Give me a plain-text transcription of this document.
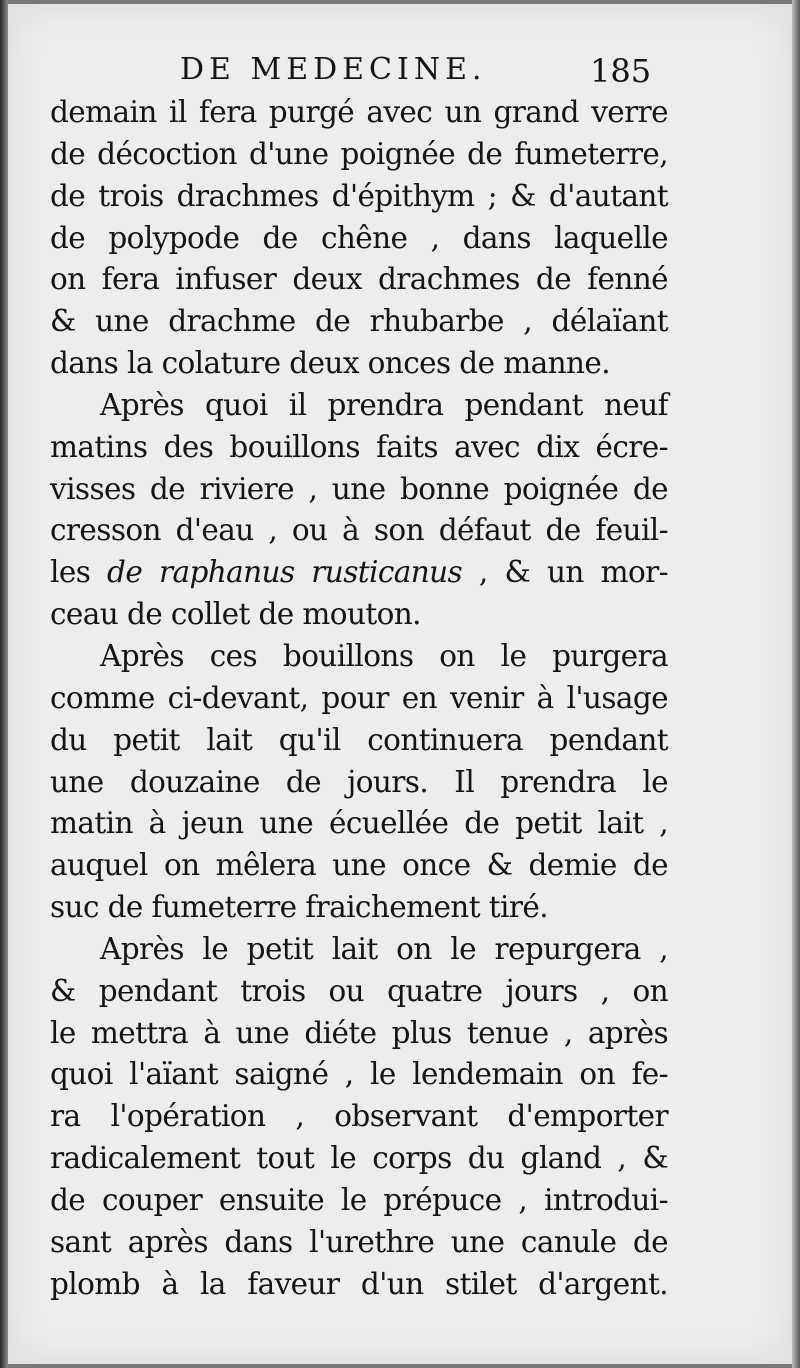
DE MEDECINE.	185
demain il fera purgé avec un grand verre
de décoction d'une poignée de fumeterre,
de trois drachmes d'épithym ; & d'autant
de polypode de chêne , dans laquelle
on fera infuser deux drachmes de fenné
& une drachme de rhubarbe , délaïant
dans la colature deux onces de manne.
Après quoi il prendra pendant neuf
matins des bouillons faits avec dix écre-
visses de riviere , une bonne poignée de
cresson d'eau , ou à son défaut de feuil-
les de raphanus rusticanus , & un mor-
ceau de collet de mouton.
Après ces bouillons on le purgera
comme ci-devant, pour en venir à l'usage
du petit lait qu'il continuera pendant
une douzaine de jours. Il prendra le
matin à jeun une écuellée de petit lait ,
auquel on mêlera une once & demie de
suc de fumeterre fraichement tiré.
Après le petit lait on le repurgera ,
& pendant trois ou quatre jours , on
le mettra à une diéte plus tenue , après
quoi l'aïant saigné , le lendemain on fe-
ra l'opération , observant d'emporter
radicalement tout le corps du gland , &
de couper ensuite le prépuce , introdui-
sant après dans l'urethre une canule de
plomb à la faveur d'un stilet d'argent.
